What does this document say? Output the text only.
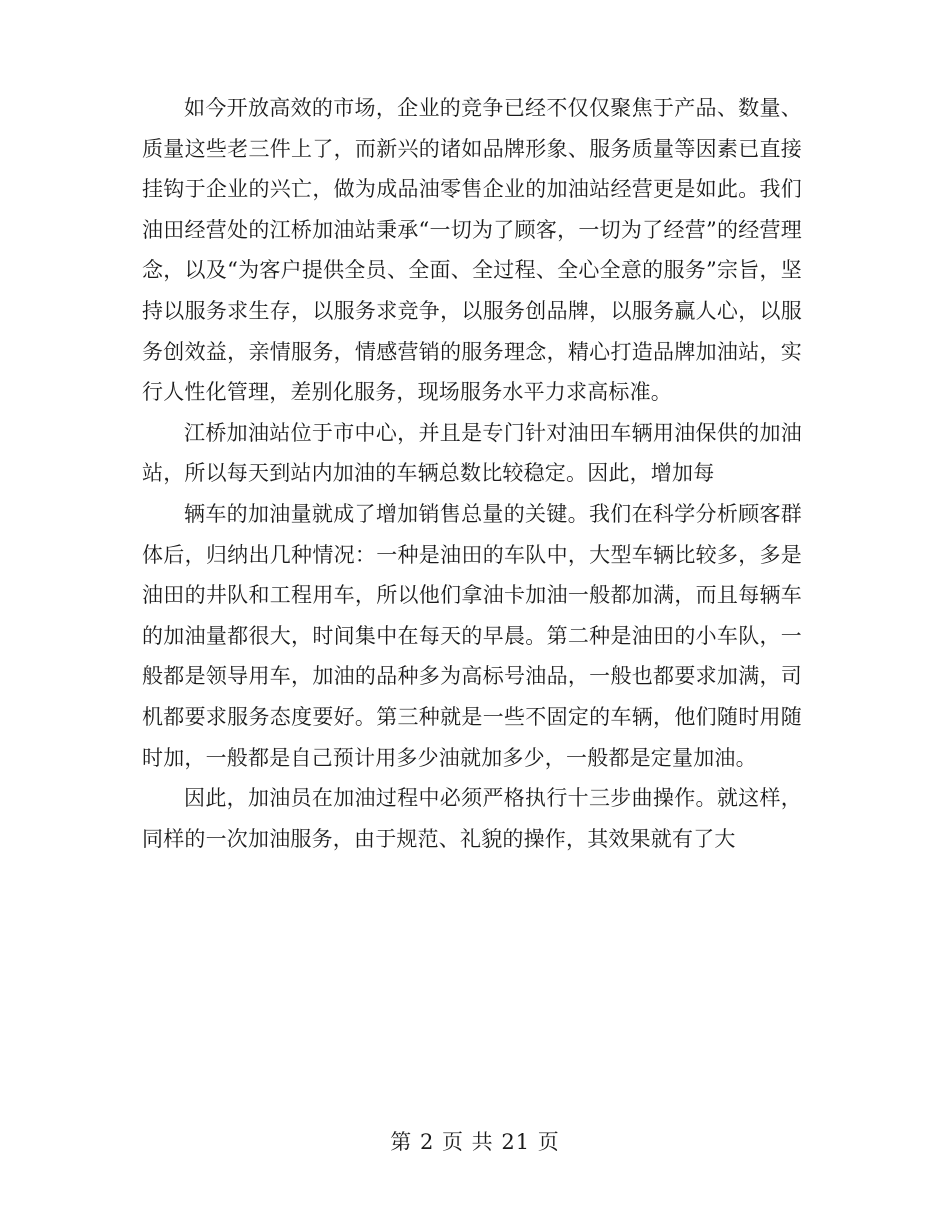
如今开放高效的市场，企业的竞争已经不仅仅聚焦于产品、数量、质量这些老三件上了，而新兴的诸如品牌形象、服务质量等因素已直接挂钩于企业的兴亡，做为成品油零售企业的加油站经营更是如此。我们油田经营处的江桥加油站秉承“一切为了顾客，一切为了经营”的经营理念，以及“为客户提供全员、全面、全过程、全心全意的服务”宗旨，坚持以服务求生存，以服务求竞争，以服务创品牌，以服务赢人心，以服务创效益，亲情服务，情感营销的服务理念，精心打造品牌加油站，实行人性化管理，差别化服务，现场服务水平力求高标准。

江桥加油站位于市中心，并且是专门针对油田车辆用油保供的加油站，所以每天到站内加油的车辆总数比较稳定。因此，增加每

辆车的加油量就成了增加销售总量的关键。我们在科学分析顾客群体后，归纳出几种情况：一种是油田的车队中，大型车辆比较多，多是油田的井队和工程用车，所以他们拿油卡加油一般都加满，而且每辆车的加油量都很大，时间集中在每天的早晨。第二种是油田的小车队，一般都是领导用车，加油的品种多为高标号油品，一般也都要求加满，司机都要求服务态度要好。第三种就是一些不固定的车辆，他们随时用随时加，一般都是自己预计用多少油就加多少，一般都是定量加油。

因此，加油员在加油过程中必须严格执行十三步曲操作。就这样，同样的一次加油服务，由于规范、礼貌的操作，其效果就有了大

第 2 页 共 21 页
